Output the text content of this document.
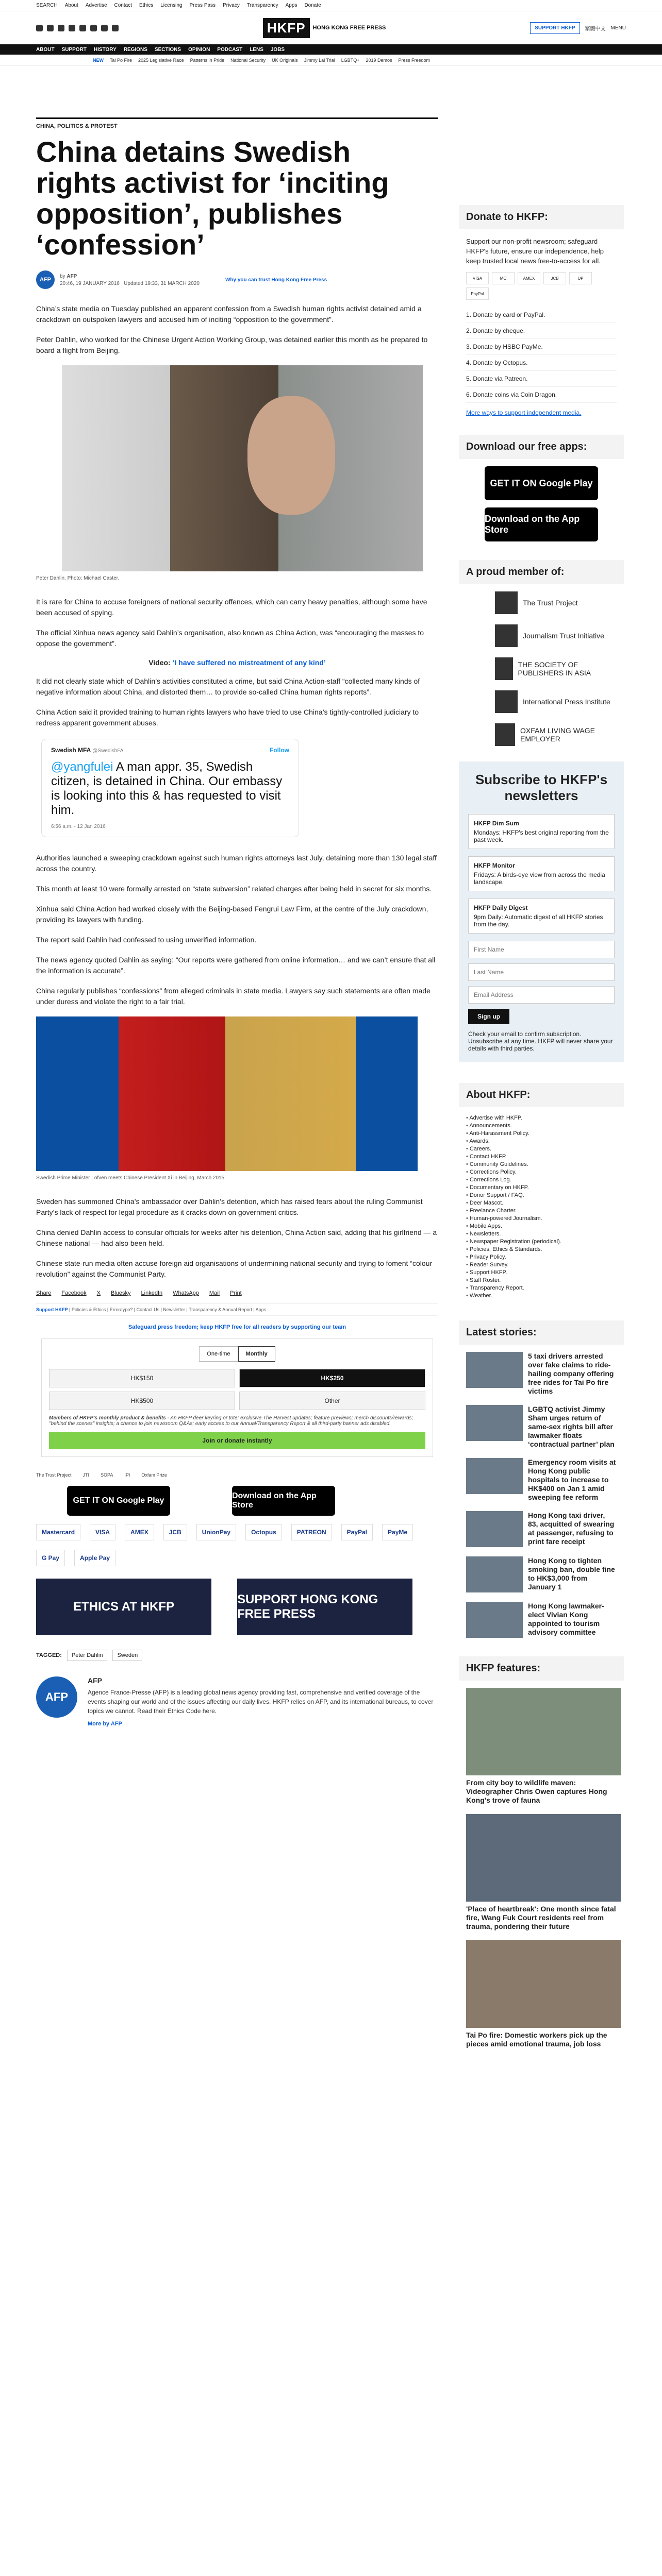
SEARCH About Advertise Contact Ethics Licensing Press Pass Privacy Transparency Apps Donate
HKFP	HONG KONG FREE PRESS	SUPPORT HKFP	繁體中文 MENU
ABOUT SUPPORT HISTORY REGIONS SECTIONS OPINION PODCAST LENS JOBS
NEW Tai Po Fire 2025 Legislative Race Patterns in Pride National Security UK Originals Jimmy Lai Trial LGBTQ+ 2019 Demos Press Freedom
CHINA, POLITICS & PROTEST
China detains Swedish rights activist for ‘inciting opposition’, publishes ‘confession’
AFP
by AFP
20:46, 19 JANUARY 2016 Updated 19:33, 31 MARCH 2020
Why you can trust Hong Kong Free Press

China’s state media on Tuesday published an apparent confession from a Swedish human rights activist detained amid a crackdown on outspoken lawyers and accused him of inciting “opposition to the government”.

Peter Dahlin, who worked for the Chinese Urgent Action Working Group, was detained earlier this month as he prepared to board a flight from Beijing.

Peter Dahlin. Photo: Michael Caster.

It is rare for China to accuse foreigners of national security offences, which can carry heavy penalties, although some have been accused of spying.

The official Xinhua news agency said Dahlin’s organisation, also known as China Action, was “encouraging the masses to oppose the government”.

Video: ‘I have suffered no mistreatment of any kind’

It did not clearly state which of Dahlin’s activities constituted a crime, but said China Action-staff “collected many kinds of negative information about China, and distorted them… to provide so-called China human rights reports”.

China Action said it provided training to human rights lawyers who have tried to use China’s tightly-controlled judiciary to redress apparent government abuses.

Swedish MFA @SwedishFA	Follow
@yangfulei A man appr. 35, Swedish citizen, is detained in China. Our embassy is looking into this & has requested to visit him.
6:56 a.m. - 12 Jan 2016

Authorities launched a sweeping crackdown against such human rights attorneys last July, detaining more than 130 legal staff across the country.

This month at least 10 were formally arrested on “state subversion” related charges after being held in secret for six months.

Xinhua said China Action had worked closely with the Beijing-based Fengrui Law Firm, at the centre of the July crackdown, providing its lawyers with funding.

The report said Dahlin had confessed to using unverified information.

The news agency quoted Dahlin as saying: “Our reports were gathered from online information… and we can’t ensure that all the information is accurate”.

China regularly publishes “confessions” from alleged criminals in state media. Lawyers say such statements are often made under duress and violate the right to a fair trial.

Swedish Prime Minister Löfven meets Chinese President Xi in Beijing, March 2015.

Sweden has summoned China’s ambassador over Dahlin’s detention, which has raised fears about the ruling Communist Party’s lack of respect for legal procedure as it cracks down on government critics.

China denied Dahlin access to consular officials for weeks after his detention, China Action said, adding that his girlfriend — a Chinese national — had also been held.

Chinese state-run media often accuse foreign aid organisations of undermining national security and trying to foment “colour revolution” against the Communist Party.

Share Facebook X Bluesky LinkedIn WhatsApp Mail Print
Support HKFP | Policies & Ethics | Error/typo? | Contact Us | Newsletter | Transparency & Annual Report | Apps
Safeguard press freedom; keep HKFP free for all readers by supporting our team
One-time	Monthly
HK$150	HK$250
HK$500	Other
Members of HKFP's monthly product & benefits - An HKFP deer keyring or tote; exclusive The Harvest updates; feature previews; merch discounts/rewards; "behind the scenes" insights; a chance to join newsroom Q&As; early access to our Annual/Transparency Report & all third-party banner ads disabled.
Join or donate instantly
The Trust Project JTI SOPA IPI Oxfam Prize
GET IT ON Google Play
Download on the App Store
Mastercard	VISA	AMEX	JCB	UnionPay	Octopus	PATREON	PayPal	PayMe
G Pay	Apple Pay
ETHICS AT HKFP
SUPPORT HONG KONG FREE PRESS
TAGGED:	Peter Dahlin	Sweden
AFP
AFP
Agence France-Presse (AFP) is a leading global news agency providing fast, comprehensive and verified coverage of the events shaping our world and of the issues affecting our daily lives. HKFP relies on AFP, and its international bureaus, to cover topics we cannot. Read their Ethics Code here.
More by AFP
Donate to HKFP:
Support our non-profit newsroom; safeguard HKFP's future, ensure our independence, help keep trusted local news free-to-access for all.
VISA	MC	AMEX	JCB	UP
PayPal
1. Donate by card or PayPal.
2. Donate by cheque.
3. Donate by HSBC PayMe.
4. Donate by Octopus.
5. Donate via Patreon.
6. Donate coins via Coin Dragon.
More ways to support independent media.
Download our free apps:
GET IT ON Google Play
Download on the App Store
A proud member of:
The Trust Project
Journalism Trust Initiative
THE SOCIETY OF PUBLISHERS IN ASIA
International Press Institute
OXFAM LIVING WAGE EMPLOYER
Subscribe to HKFP's newsletters
HKFP Dim Sum
Mondays: HKFP's best original reporting from the past week.
HKFP Monitor
Fridays: A birds-eye view from across the media landscape.
HKFP Daily Digest
9pm Daily: Automatic digest of all HKFP stories from the day.
First Name
Last Name
Email Address
Sign up
Check your email to confirm subscription. Unsubscribe at any time. HKFP will never share your details with third parties.
About HKFP:
• Advertise with HKFP.
• Announcements.
• Anti-Harassment Policy.
• Awards.
• Careers.
• Contact HKFP.
• Community Guidelines.
• Corrections Policy.
• Corrections Log.
• Documentary on HKFP.
• Donor Support / FAQ.
• Deer Mascot.
• Freelance Charter.
• Human-powered Journalism.
• Mobile Apps.
• Newsletters.
• Newspaper Registration (periodical).
• Policies, Ethics & Standards.
• Privacy Policy.
• Reader Survey.
• Support HKFP.
• Staff Roster.
• Transparency Report.
• Weather.
Latest stories:
5 taxi drivers arrested over fake claims to ride-hailing company offering free rides for Tai Po fire victims
LGBTQ activist Jimmy Sham urges return of same-sex rights bill after lawmaker floats ‘contractual partner’ plan
Emergency room visits at Hong Kong public hospitals to increase to HK$400 on Jan 1 amid sweeping fee reform
Hong Kong taxi driver, 83, acquitted of swearing at passenger, refusing to print fare receipt
Hong Kong to tighten smoking ban, double fine to HK$3,000 from January 1
Hong Kong lawmaker-elect Vivian Kong appointed to tourism advisory committee
HKFP features:
From city boy to wildlife maven: Videographer Chris Owen captures Hong Kong's trove of fauna
'Place of heartbreak': One month since fatal fire, Wang Fuk Court residents reel from trauma, pondering their future
Tai Po fire: Domestic workers pick up the pieces amid emotional trauma, job loss
